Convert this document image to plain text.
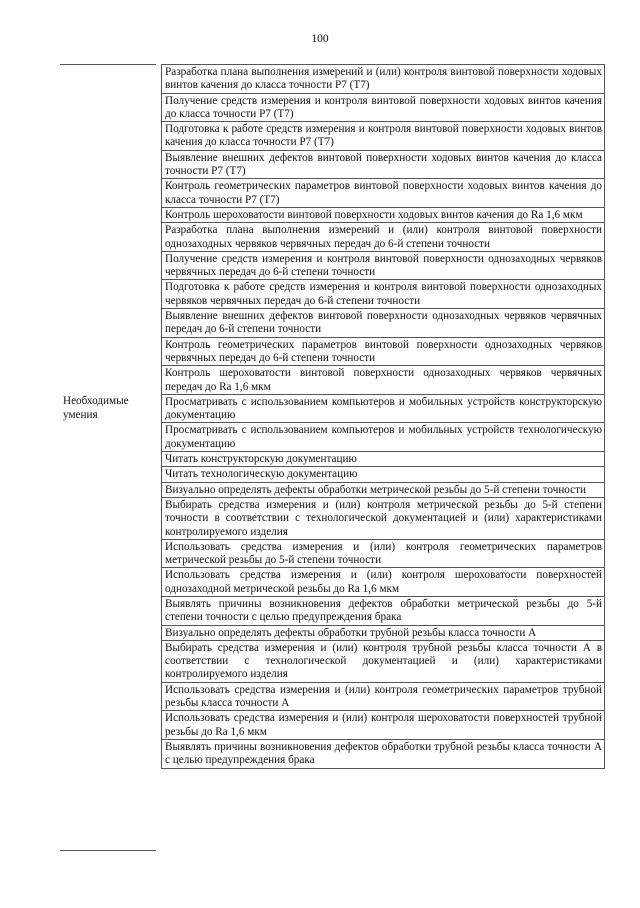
100
	Разработка плана выполнения измерений и (или) контроля винтовой поверхности ходовых винтов качения до класса точности Р7 (Т7)
	Получение средств измерения и контроля винтовой поверхности ходовых винтов качения до класса точности Р7 (Т7)
	Подготовка к работе средств измерения и контроля винтовой поверхности ходовых винтов качения до класса точности Р7 (Т7)
	Выявление внешних дефектов винтовой поверхности ходовых винтов качения до класса точности Р7 (Т7)
	Контроль геометрических параметров винтовой поверхности ходовых винтов качения до класса точности Р7 (Т7)
	Контроль шероховатости винтовой поверхности ходовых винтов качения до Ra 1,6 мкм
	Разработка плана выполнения измерений и (или) контроля винтовой поверхности однозаходных червяков червячных передач до 6-й степени точности
	Получение средств измерения и контроля винтовой поверхности однозаходных червяков червячных передач до 6-й степени точности
	Подготовка к работе средств измерения и контроля винтовой поверхности однозаходных червяков червячных передач до 6-й степени точности
	Выявление внешних дефектов винтовой поверхности однозаходных червяков червячных передач до 6-й степени точности
	Контроль геометрических параметров винтовой поверхности однозаходных червяков червячных передач до 6-й степени точности
	Контроль шероховатости винтовой поверхности однозаходных червяков червячных передач до Ra 1,6 мкм

Необходимые
умения	Просматривать с использованием компьютеров и мобильных устройств конструкторскую документацию
	Просматривать с использованием компьютеров и мобильных устройств технологическую документацию
	Читать конструкторскую документацию
	Читать технологическую документацию
	Визуально определять дефекты обработки метрической резьбы до 5-й степени точности
	Выбирать средства измерения и (или) контроля метрической резьбы до 5-й степени точности в соответствии с технологической документацией и (или) характеристиками контролируемого изделия
	Использовать средства измерения и (или) контроля геометрических параметров метрической резьбы до 5-й степени точности
	Использовать средства измерения и (или) контроля шероховатости поверхностей однозаходной метрической резьбы до Ra 1,6 мкм
	Выявлять причины возникновения дефектов обработки метрической резьбы до 5-й степени точности с целью предупреждения брака
	Визуально определять дефекты обработки трубной резьбы класса точности А
	Выбирать средства измерения и (или) контроля трубной резьбы класса точности А в соответствии с технологической документацией и (или) характеристиками контролируемого изделия
	Использовать средства измерения и (или) контроля геометрических параметров трубной резьбы класса точности А
	Использовать средства измерения и (или) контроля шероховатости поверхностей трубной резьбы до Ra 1,6 мкм
	Выявлять причины возникновения дефектов обработки трубной резьбы класса точности А с целью предупреждения брака
